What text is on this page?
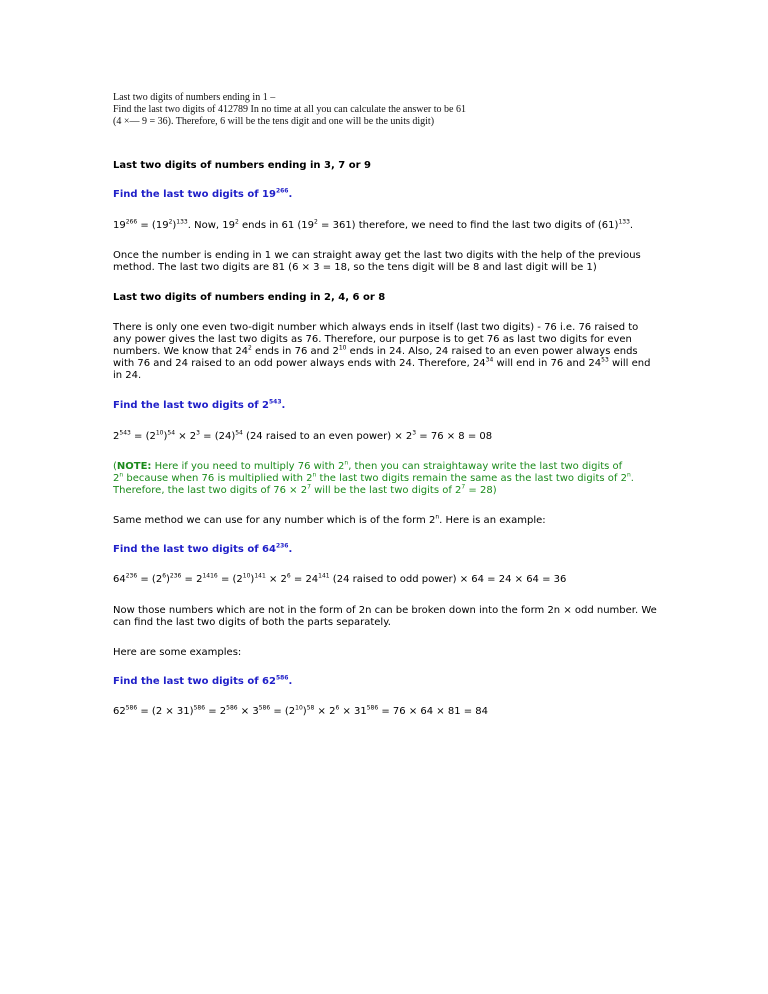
Last two digits of numbers ending in 1 –
Find the last two digits of 412789 In no time at all you can calculate the answer to be 61
(4 ×— 9 = 36). Therefore, 6 will be the tens digit and one will be the units digit)
Last two digits of numbers ending in 3, 7 or 9
Find the last two digits of $19^{266}$.
$19^{266} = (19^2)^{133}$. Now, $19^2$ ends in 61 $(19^2 = 361)$ therefore, we need to find the last two digits of $(61)^{133}$.
Once the number is ending in 1 we can straight away get the last two digits with the help of the previous
method. The last two digits are 81 (6 × 3 = 18, so the tens digit will be 8 and last digit will be 1)
Last two digits of numbers ending in 2, 4, 6 or 8
There is only one even two-digit number which always ends in itself (last two digits) - 76 i.e. 76 raised to
any power gives the last two digits as 76. Therefore, our purpose is to get 76 as last two digits for even
numbers. We know that $24^2$ ends in 76 and $2^{10}$ ends in 24. Also, 24 raised to an even power always ends
with 76 and 24 raised to an odd power always ends with 24. Therefore, $24^{34}$ will end in 76 and $24^{53}$ will end
in 24.
Find the last two digits of $2^{543}$.
$2^{543} = (2^{10})^{54} \times 2^3 = (24)^{54}$ (24 raised to an even power) × $2^3 = 76 \times 8 = 08$
(NOTE: Here if you need to multiply 76 with 2$^n$, then you can straightaway write the last two digits of
2$^n$ because when 76 is multiplied with 2$^n$ the last two digits remain the same as the last two digits of 2$^n$.
Therefore, the last two digits of $76 \times 2^7$ will be the last two digits of $2^7 = 28$)
Same method we can use for any number which is of the form 2$^n$. Here is an example:
Find the last two digits of $64^{236}$.
$64^{236} = (2^6)^{236} = 2^{1416} = (2^{10})^{141} \times 2^6 = 24^{141}$ (24 raised to odd power) × 64 = 24 × 64 = 36
Now those numbers which are not in the form of 2n can be broken down into the form 2n × odd number. We
can find the last two digits of both the parts separately.
Here are some examples:
Find the last two digits of $62^{586}$.
$62^{586} = (2 \times 31)^{586} = 2^{586} \times 3^{586} = (2^{10})^{58} \times 2^6 \times 31^{586} = 76 \times 64 \times 81 = 84$
